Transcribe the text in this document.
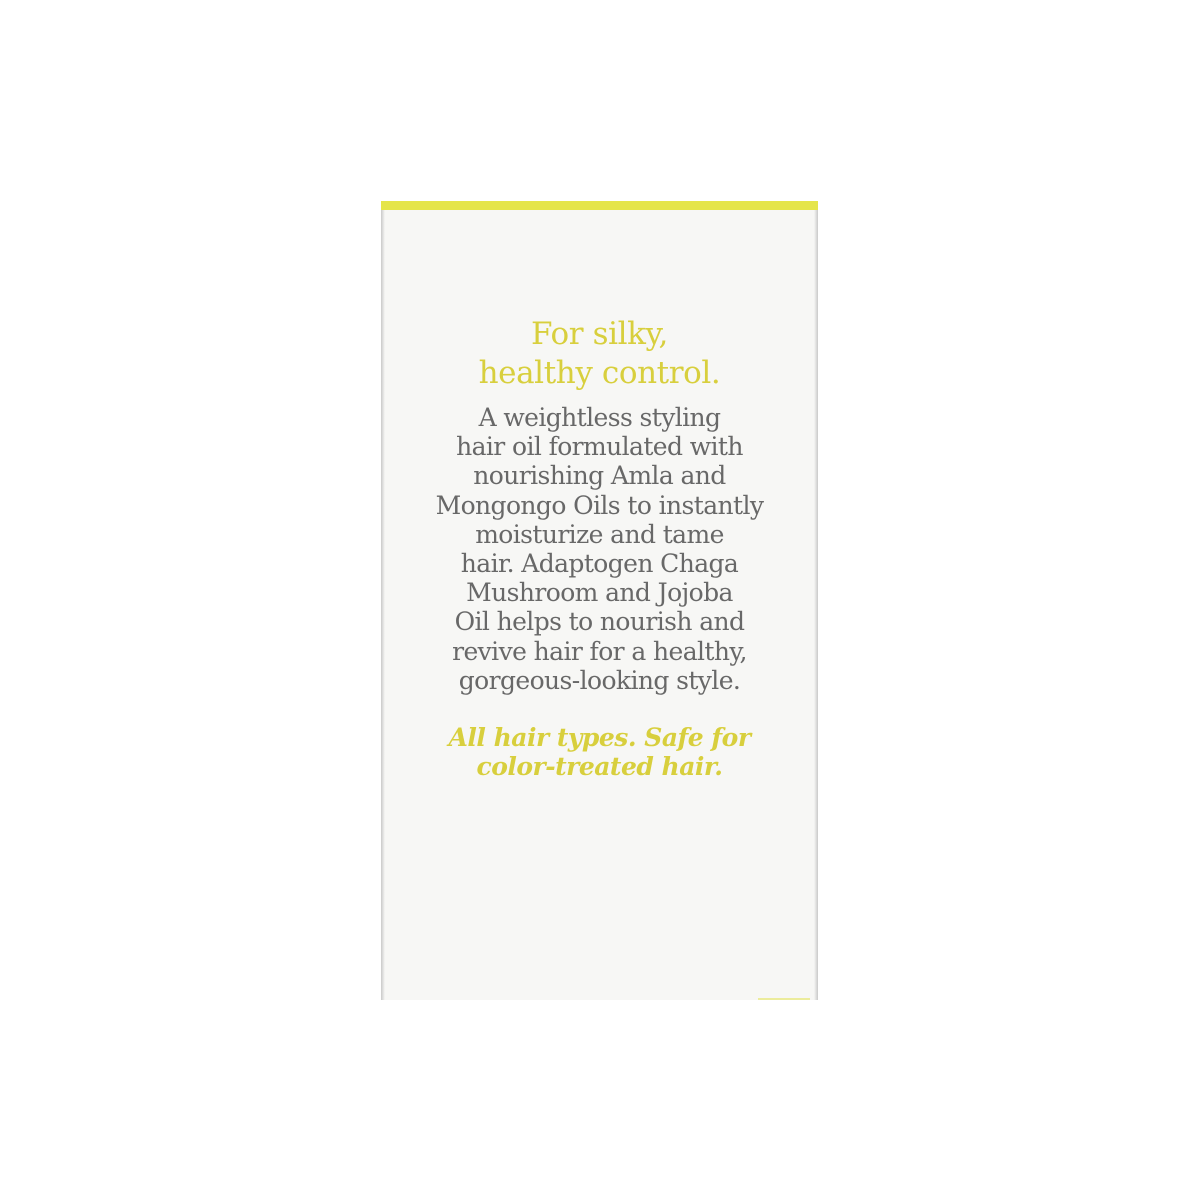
For silky,
healthy control.

A weightless styling
hair oil formulated with
nourishing Amla and
Mongongo Oils to instantly
moisturize and tame
hair. Adaptogen Chaga
Mushroom and Jojoba
Oil helps to nourish and
revive hair for a healthy,
gorgeous-looking style.

All hair types. Safe for
color-treated hair.
